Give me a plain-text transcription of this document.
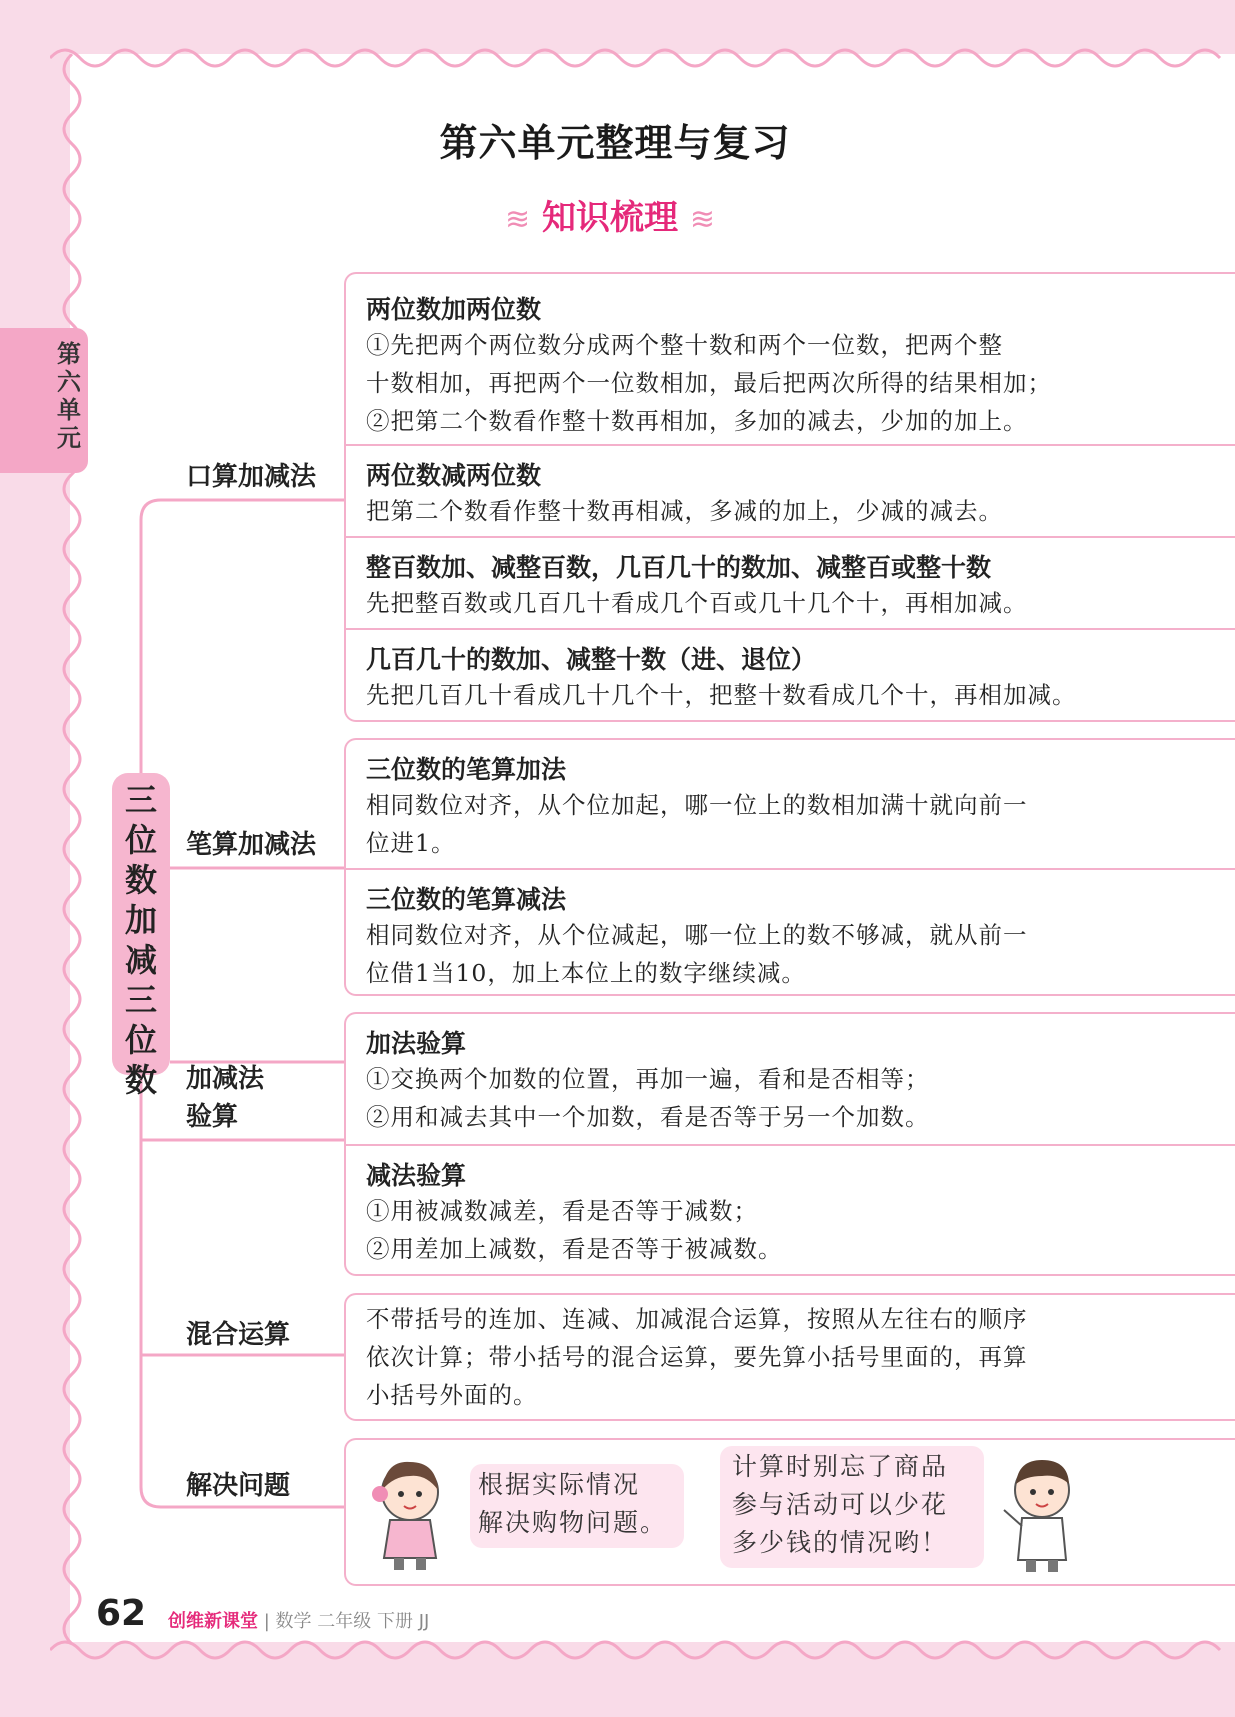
第六单元
第六单元整理与复习
≋ 知识梳理 ≋
三位数加减三位数
口算加减法
笔算加减法
加减法
验算
混合运算
解决问题
两位数加两位数
①先把两个两位数分成两个整十数和两个一位数，把两个整
十数相加，再把两个一位数相加，最后把两次所得的结果相加；
②把第二个数看作整十数再相加，多加的减去，少加的加上。
两位数减两位数
把第二个数看作整十数再相减，多减的加上，少减的减去。
整百数加、减整百数，几百几十的数加、减整百或整十数
先把整百数或几百几十看成几个百或几十几个十，再相加减。
几百几十的数加、减整十数（进、退位）
先把几百几十看成几十几个十，把整十数看成几个十，再相加减。
三位数的笔算加法
相同数位对齐，从个位加起，哪一位上的数相加满十就向前一
位进1。
三位数的笔算减法
相同数位对齐，从个位减起，哪一位上的数不够减，就从前一
位借1当10，加上本位上的数字继续减。
加法验算
①交换两个加数的位置，再加一遍，看和是否相等；
②用和减去其中一个加数，看是否等于另一个加数。
减法验算
①用被减数减差，看是否等于减数；
②用差加上减数，看是否等于被减数。
不带括号的连加、连减、加减混合运算，按照从左往右的顺序
依次计算；带小括号的混合运算，要先算小括号里面的，再算
小括号外面的。
根据实际情况
解决购物问题。
计算时别忘了商品
参与活动可以少花
多少钱的情况哟！
62 创维新课堂 | 数学 二年级 下册 JJ
